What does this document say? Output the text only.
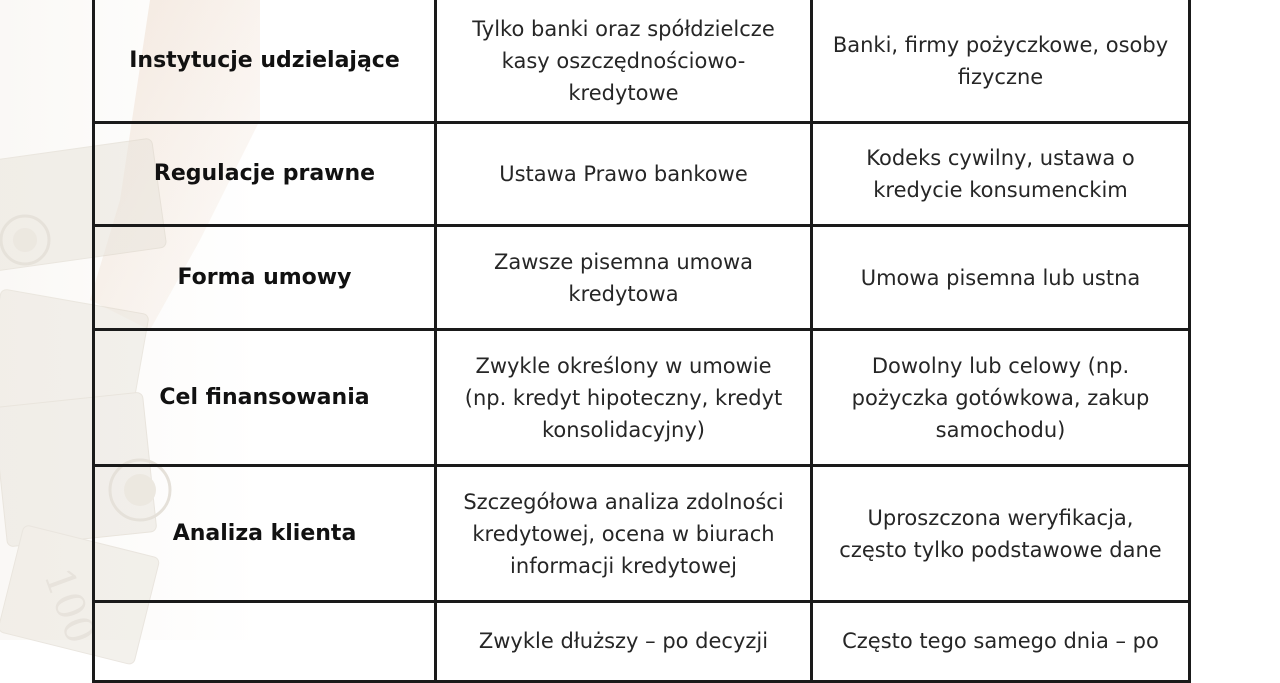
100
Instytucje udzielające	Tylko banki oraz spółdzielcze kasy oszczędnościowo-kredytowe	Banki, firmy pożyczkowe, osoby fizyczne
Regulacje prawne	Ustawa Prawo bankowe	Kodeks cywilny, ustawa o kredycie konsumenckim
Forma umowy	Zawsze pisemna umowa kredytowa	Umowa pisemna lub ustna
Cel finansowania	Zwykle określony w umowie (np. kredyt hipoteczny, kredyt konsolidacyjny)	Dowolny lub celowy (np. pożyczka gotówkowa, zakup samochodu)
Analiza klienta	Szczegółowa analiza zdolności kredytowej, ocena w biurach informacji kredytowej	Uproszczona weryfikacja, często tylko podstawowe dane
	Zwykle dłuższy – po decyzji	Często tego samego dnia – po
